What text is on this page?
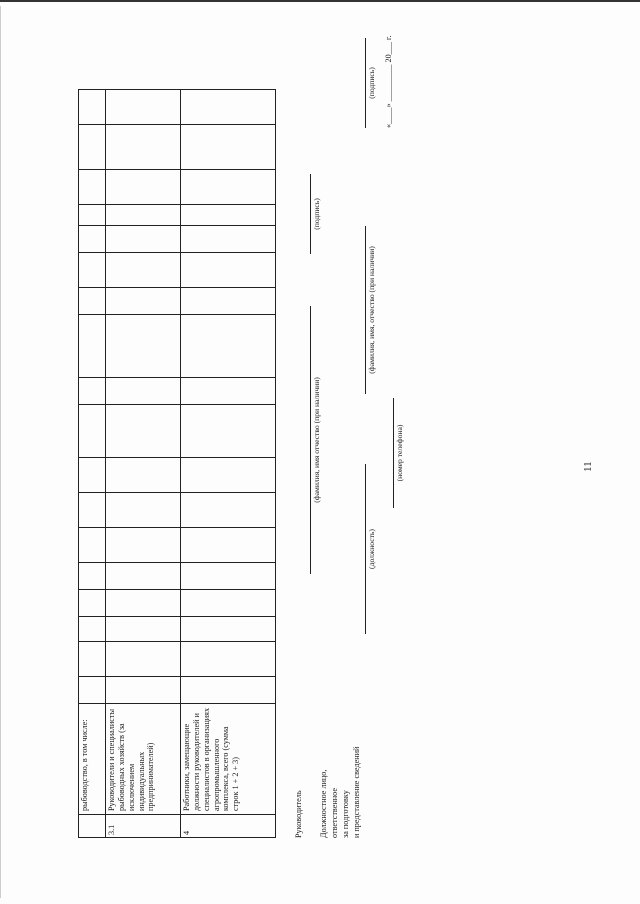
11
	рыбоводство, в том числе:																		
3.1	Руководители и специалисты рыбоводных хозяйств (за исключением индивидуальных предпринимателей)																		
4	Работники, замещающие должности руководителей и специалистов в организациях агропромышленного комплекса, всего (сумма строк 1 + 2 + 3)																		
Руководитель
(фамилия, имя отчество (при наличии)
(подпись)
Должностное лицо, ответственное за подготовку и представление сведений
(должность)
(фамилия, имя, отчество (при наличии)
(подпись)
(номер телефона)
«____» _________ 20___ г.
